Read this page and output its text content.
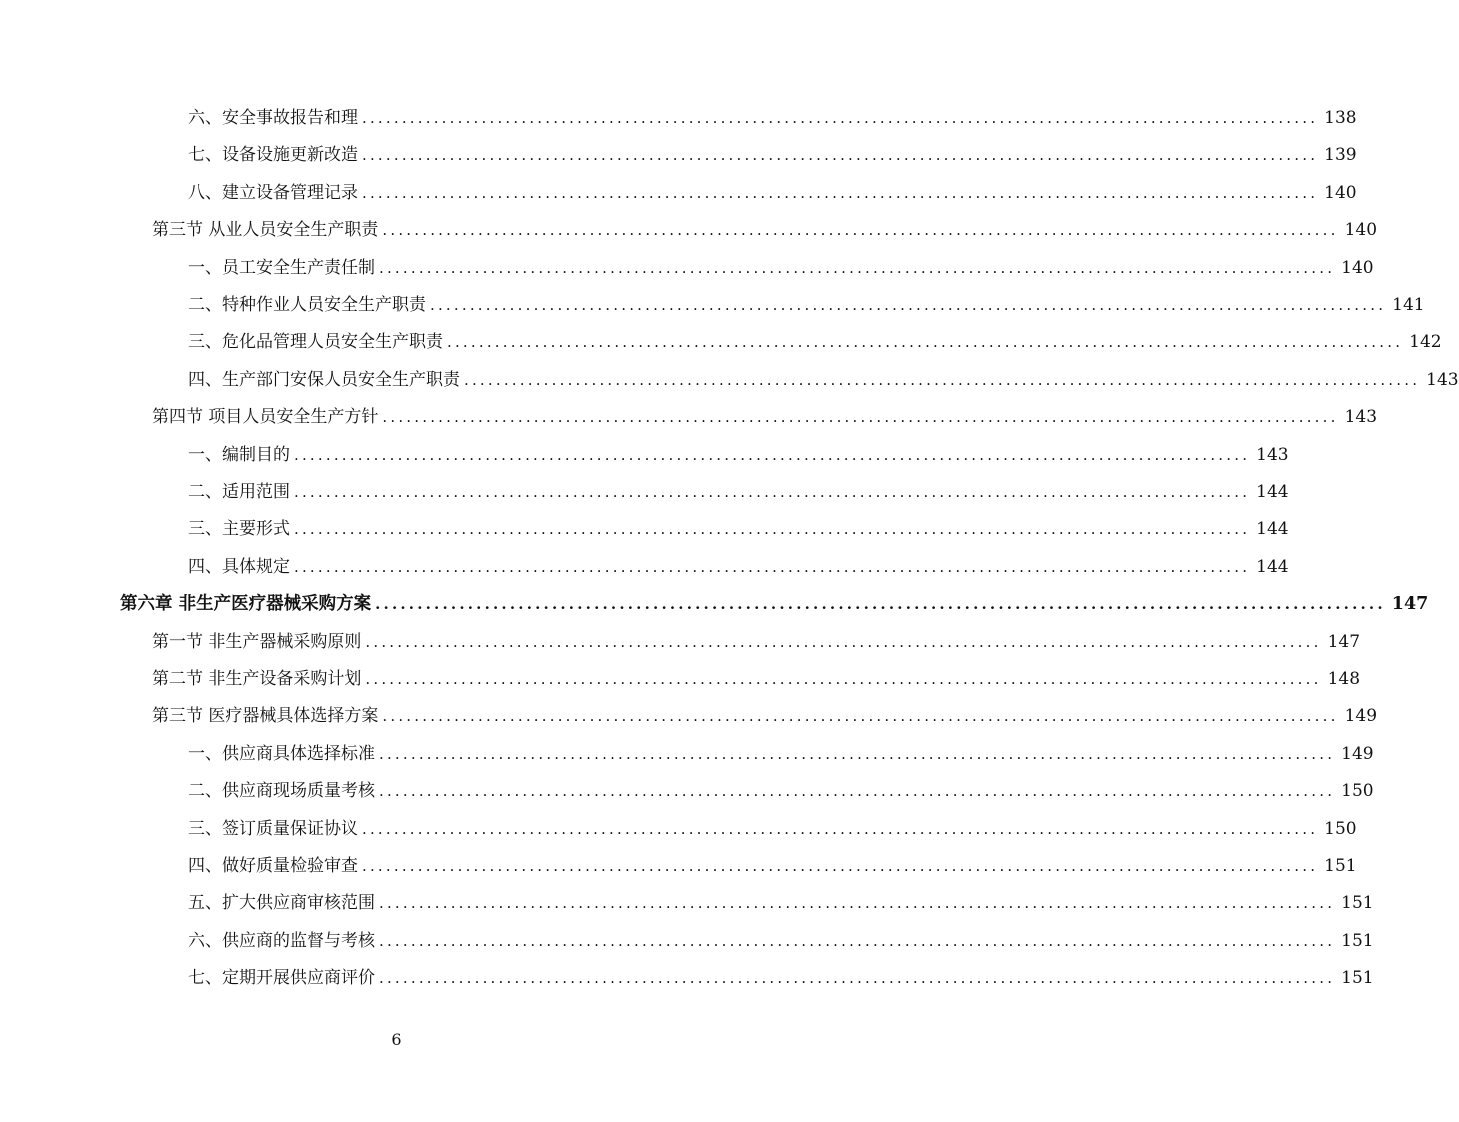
六、安全事故报告和理 ........................................................................................................................ 138
七、设备设施更新改造 ........................................................................................................................ 139
八、建立设备管理记录 ........................................................................................................................ 140
第三节 从业人员安全生产职责 ........................................................................................................................ 140
一、员工安全生产责任制 ........................................................................................................................ 140
二、特种作业人员安全生产职责 ........................................................................................................................ 141
三、危化品管理人员安全生产职责 ........................................................................................................................ 142
四、生产部门安保人员安全生产职责 ........................................................................................................................ 143
第四节 项目人员安全生产方针 ........................................................................................................................ 143
一、编制目的 ........................................................................................................................ 143
二、适用范围 ........................................................................................................................ 144
三、主要形式 ........................................................................................................................ 144
四、具体规定 ........................................................................................................................ 144
第六章 非生产医疗器械采购方案 ........................................................................................................................ 147
第一节 非生产器械采购原则 ........................................................................................................................ 147
第二节 非生产设备采购计划 ........................................................................................................................ 148
第三节 医疗器械具体选择方案 ........................................................................................................................ 149
一、供应商具体选择标准 ........................................................................................................................ 149
二、供应商现场质量考核 ........................................................................................................................ 150
三、签订质量保证协议 ........................................................................................................................ 150
四、做好质量检验审查 ........................................................................................................................ 151
五、扩大供应商审核范围 ........................................................................................................................ 151
六、供应商的监督与考核 ........................................................................................................................ 151
七、定期开展供应商评价 ........................................................................................................................ 151
6
